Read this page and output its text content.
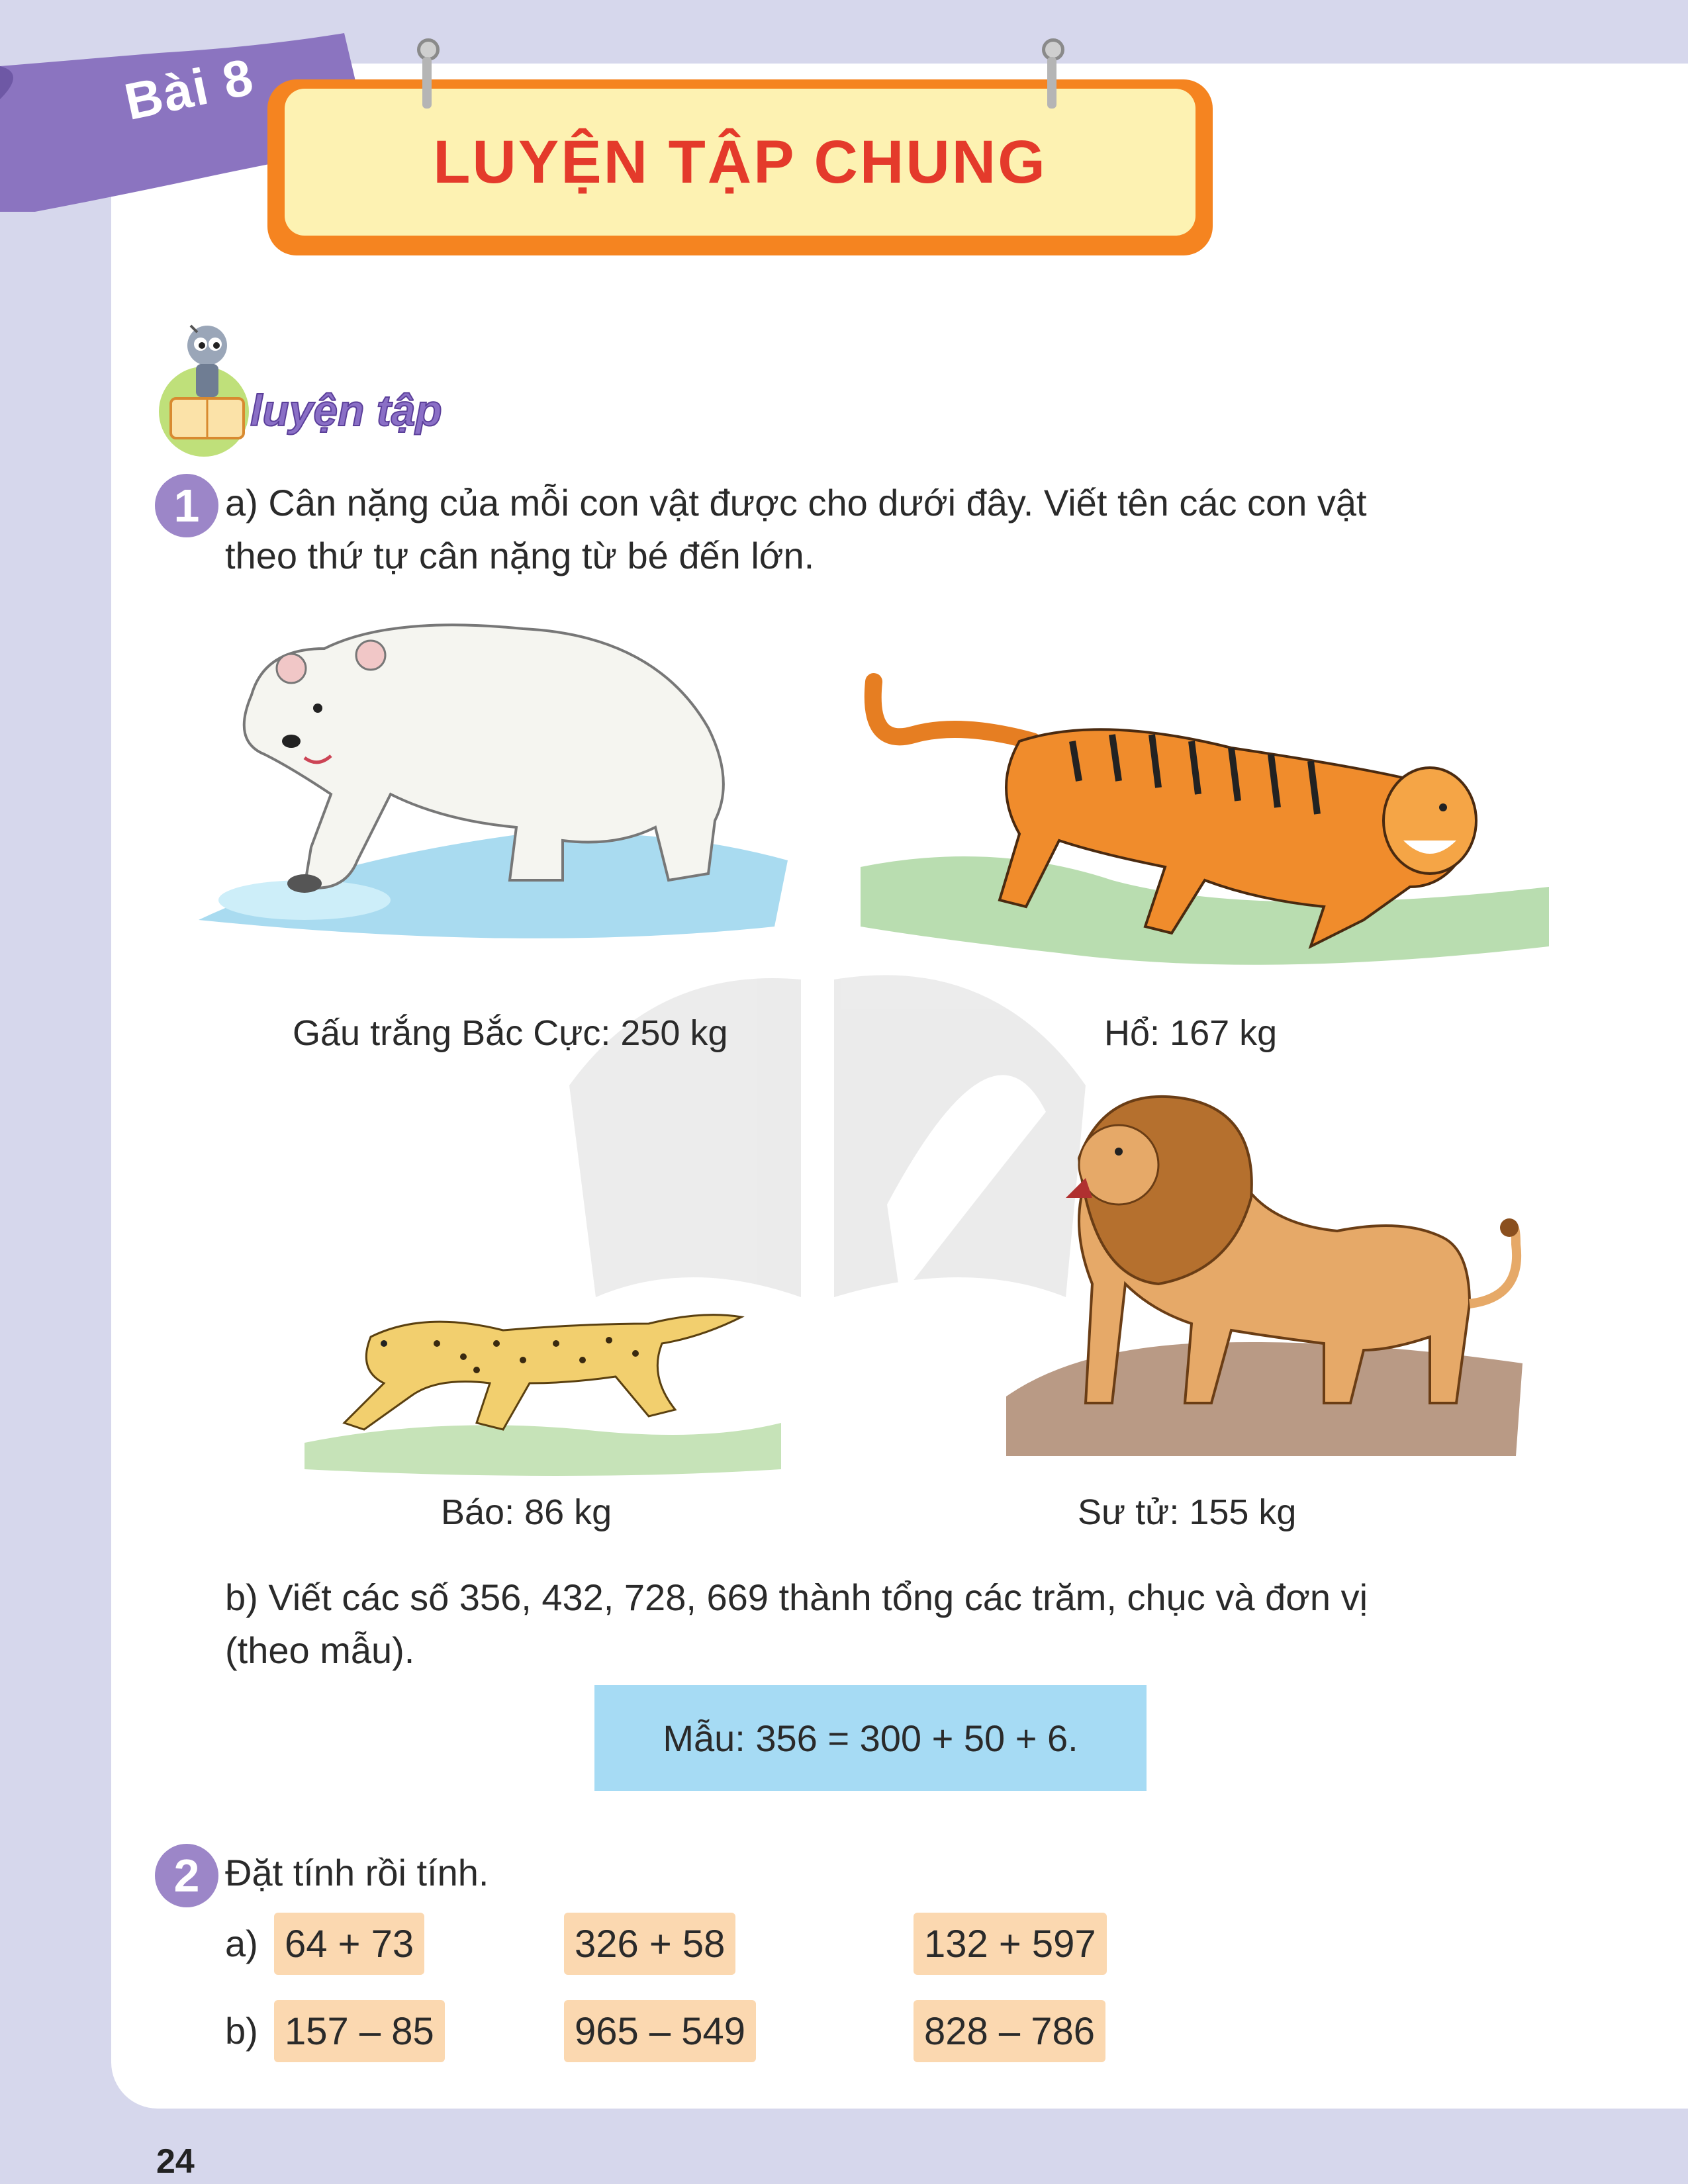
Bài 8
LUYỆN TẬP CHUNG
luyện tập
1 a) Cân nặng của mỗi con vật được cho dưới đây. Viết tên các con vật
theo thứ tự cân nặng từ bé đến lớn.
Gấu trắng Bắc Cực: 250 kg	Hổ: 167 kg
Báo: 86 kg	Sư tử: 155 kg
b) Viết các số 356, 432, 728, 669 thành tổng các trăm, chục và đơn vị
(theo mẫu).
Mẫu: 356 = 300 + 50 + 6.
2 Đặt tính rồi tính.
a) 64 + 73	326 + 58	132 + 597
b) 157 – 85	965 – 549	828 – 786
24
